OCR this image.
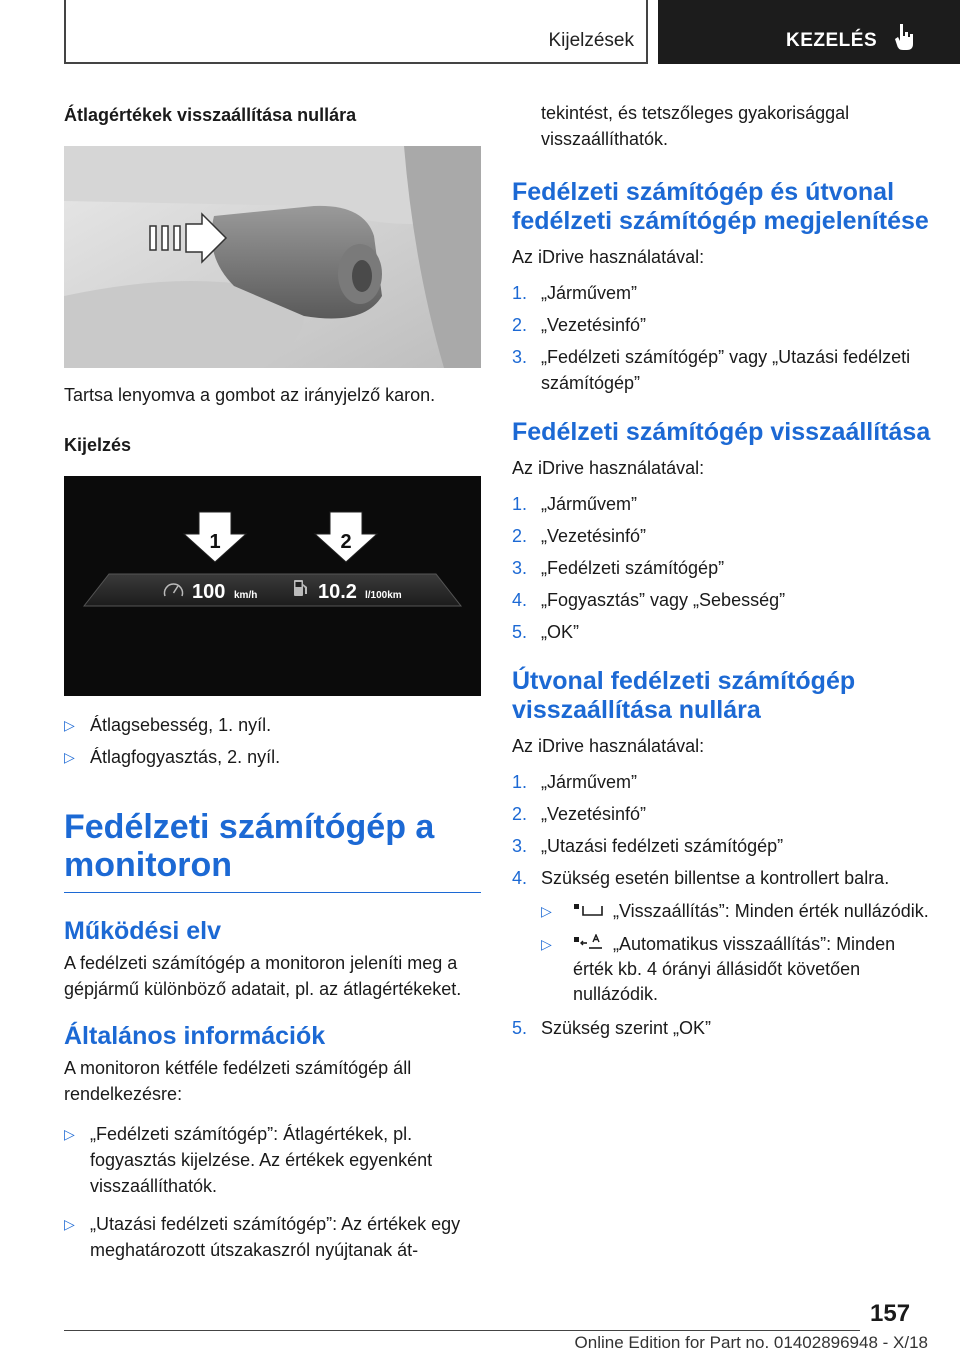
Kijelzések	KEZELÉS

Átlagértékek visszaállítása nullára

Tartsa lenyomva a gombot az irányjelző karon.

Kijelzés

1	2
100 km/h	10.2 l/100km
▷ Átlagsebesség, 1. nyíl.
▷ Átlagfogyasztás, 2. nyíl.

Fedélzeti számítógép a monitoron

Működési elv

A fedélzeti számítógép a monitoron jeleníti meg a gépjármű különböző adatait, pl. az átlagértékeket.

Általános információk

A monitoron kétféle fedélzeti számítógép áll rendelkezésre:

▷ „Fedélzeti számítógép”: Átlagértékek, pl. fogyasztás kijelzése. Az értékek egyenként visszaállíthatók.
▷ „Utazási fedélzeti számítógép”: Az értékek egy meghatározott útszakaszról nyújtanak át-

tekintést, és tetszőleges gyakorisággal visszaállíthatók.

Fedélzeti számítógép és útvonal fedélzeti számítógép megjelenítése

Az iDrive használatával:

1. „Járművem”
2. „Vezetésinfó”
3. „Fedélzeti számítógép” vagy „Utazási fedélzeti számítógép”

Fedélzeti számítógép visszaállítása

Az iDrive használatával:

1. „Járművem”
2. „Vezetésinfó”
3. „Fedélzeti számítógép”
4. „Fogyasztás” vagy „Sebesség”
5. „OK”

Útvonal fedélzeti számítógép visszaállítása nullára

Az iDrive használatával:

1. „Járművem”
2. „Vezetésinfó”
3. „Utazási fedélzeti számítógép”
4. Szükség esetén billentse a kontrollert balra.
▷	„Visszaállítás”: Minden érték nullázódik.
▷	„Automatikus visszaállítás”: Minden érték kb. 4 órányi állásidőt követően nullázódik.
5. Szükség szerint „OK”
157
Online Edition for Part no. 01402896948 - X/18
